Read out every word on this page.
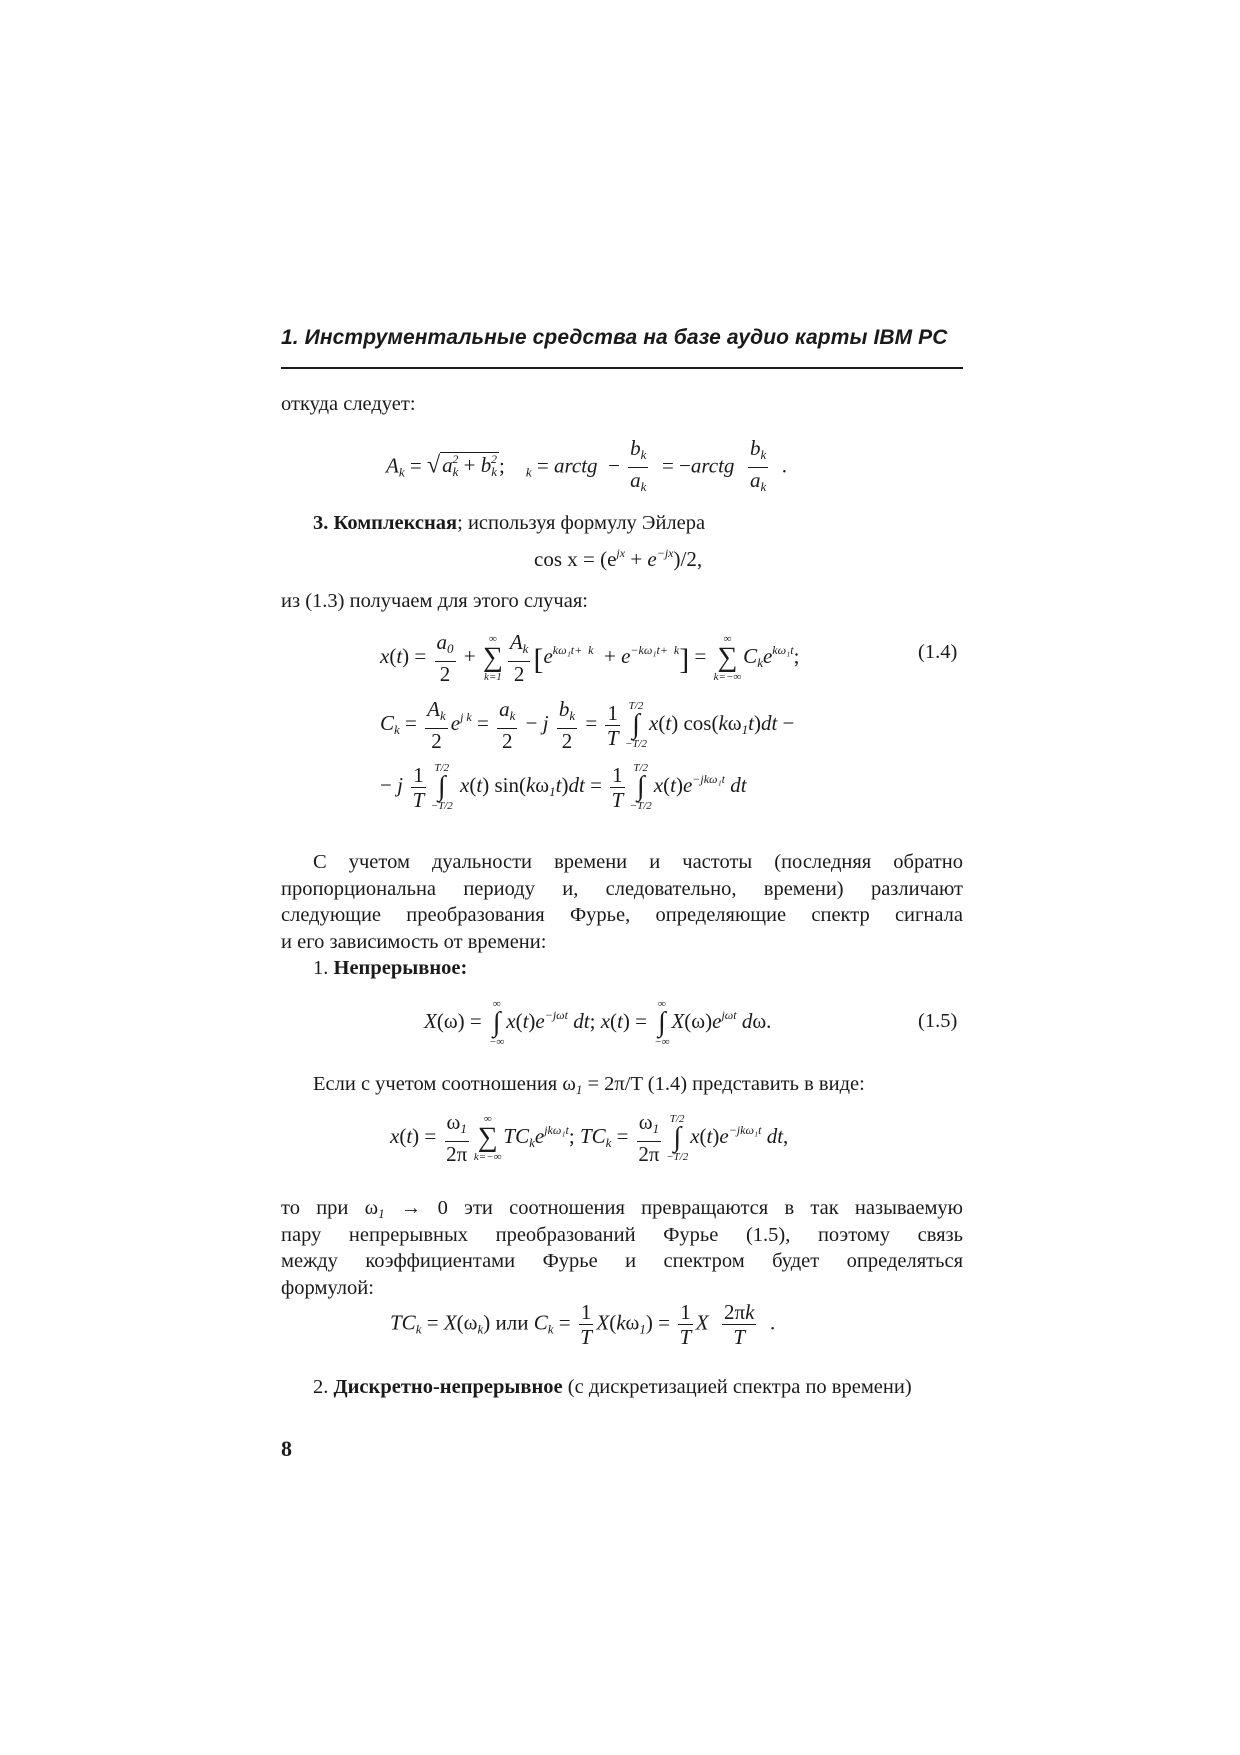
1. Инструментальные средства на базе аудио карты IBM PC
откуда следует:
$A_k = √a_k^2 + b_k^2$;    $_k$ = arctg  − $\frac{b_k}{a_k}$ = −arctg $\frac{b_k}{a_k}$ .
3. Комплексная; используя формулу Эйлера
$\cos x = (e^{jx} + e^{-jx})/2$,
из (1.3) получаем для этого случая:
$x(t) = \frac{a_0}{2}$ +
∞
∑
$k=1 \frac{A_k}{2} [e^{k\omega_1t+ k} + e^{-k\omega_1t+ k}]$ =
∞
∑
k=−∞
$C_ke^{k\omega_1t}$;	(1.4)
$C_k = \frac{A_k}{2} e^{j k} = \frac{a_k}{2} - j \frac{b_k}{2} = \frac{1}{T} T/2$
∫
−T/2
x(t) $\cos(k\omega_1t)dt$ −
− j $\frac{1}{T} T/2$
∫
−T/2
x(t) $\sin(k\omega_1t)dt = \frac{1}{T} T/2$
∫
−T/2
$x(t)e^{-jk\omega_1t}$ dt
С учетом дуальности времени и частоты (последняя обратно
пропорциональна периоду и, следовательно, времени) различают
следующие преобразования Фурье, определяющие спектр сигнала
и его зависимость от времени:
1. Непрерывное:
X(ω) =
∞
∫
−∞
$x(t)e^{-j\omega t}$ dt; x(t) =
∞
∫
−∞
$X(\omega)e^{j\omega t}$ dω.	(1.5)
Если с учетом соотношения $\omega_1 = 2\pi/T$ (1.4) представить в виде:
$x(t) = \frac{\omega_1}{2\pi}$ ∞
∑
k=−∞
$TC_ke^{jk\omega_1t}$; $TC_k = \frac{\omega_1}{2\pi} T/2$
∫
−T/2
$x(t)e^{-jk\omega_1t}$ dt,
то при $\omega_1 \to 0$ эти соотношения превращаются в так называемую
пару непрерывных преобразований Фурье (1.5), поэтому связь
между коэффициентами Фурье и спектром будет определяться
формулой:
$TC_k = X(\omega_k)$ или $C_k = \frac{1}{T} X(k\omega_1) = \frac{1}{T}$ X $\frac{2\pi k}{T}$ .
2. Дискретно-непрерывное (с дискретизацией спектра по времени)
8
